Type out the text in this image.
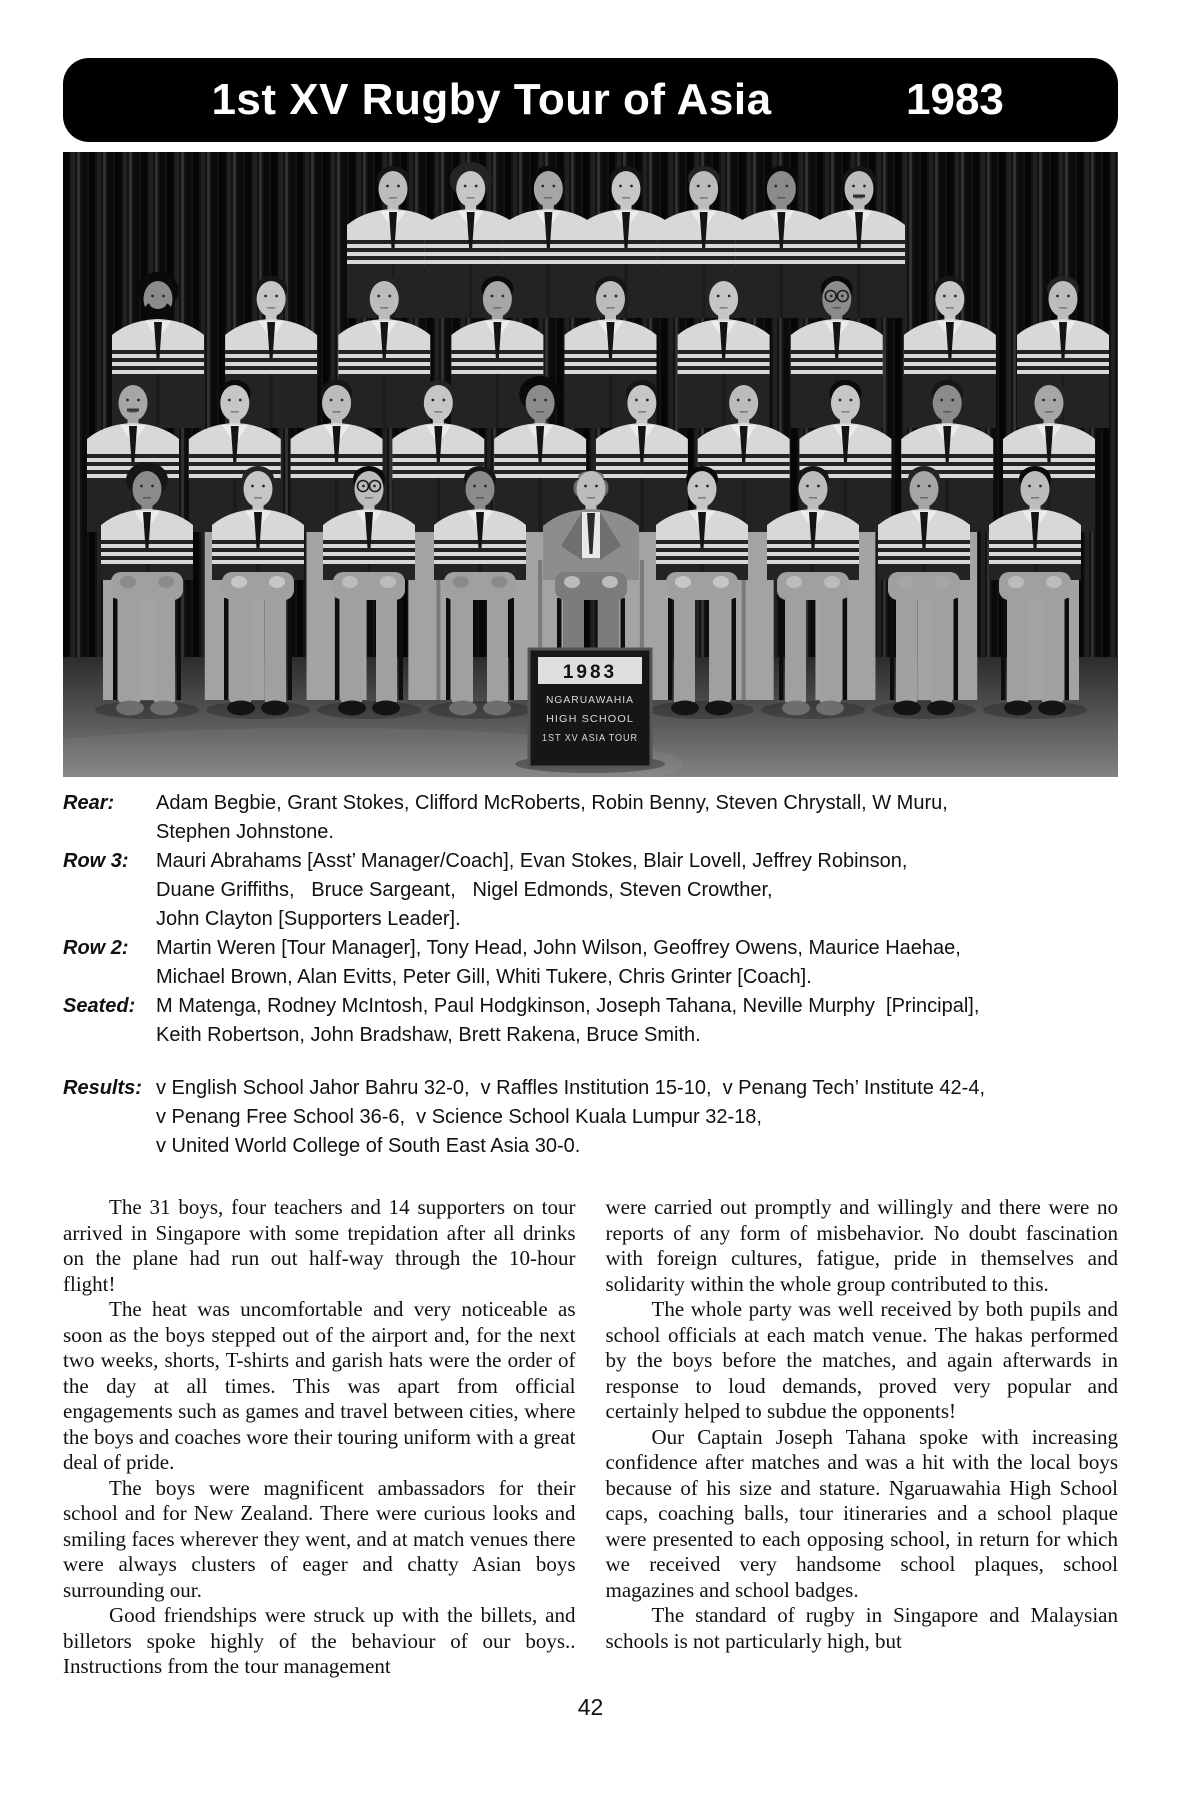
1st XV Rugby Tour of Asia	1983
1983
NGARUAWAHIA
HIGH SCHOOL
1ST XV ASIA TOUR
Rear:	Adam Begbie, Grant Stokes, Clifford McRoberts, Robin Benny, Steven Chrystall, W Muru,
Stephen Johnstone.
Row 3:	Mauri Abrahams [Asst’ Manager/Coach], Evan Stokes, Blair Lovell, Jeffrey Robinson,
Duane Griffiths,   Bruce Sargeant,   Nigel Edmonds, Steven Crowther,
John Clayton [Supporters Leader].
Row 2:	Martin Weren [Tour Manager], Tony Head, John Wilson, Geoffrey Owens, Maurice Haehae,
Michael Brown, Alan Evitts, Peter Gill, Whiti Tukere, Chris Grinter [Coach].
Seated:	M Matenga, Rodney McIntosh, Paul Hodgkinson, Joseph Tahana, Neville Murphy  [Principal],
Keith Robertson, John Bradshaw, Brett Rakena, Bruce Smith.
Results: v English School Jahor Bahru 32-0,  v Raffles Institution 15-10,  v Penang Tech’ Institute 42-4,
v Penang Free School 36-6,  v Science School Kuala Lumpur 32-18,
v United World College of South East Asia 30-0.

The 31 boys, four teachers and 14 supporters on tour arrived in Singapore with some trepidation after all drinks on the plane had run out half-way through the 10-hour flight!

The heat was uncomfortable and very noticeable as soon as the boys stepped out of the airport and, for the next two weeks, shorts, T-shirts and garish hats were the order of the day at all times. This was apart from official engagements such as games and travel between cities, where the boys and coaches wore their touring uniform with a great deal of pride.

The boys were magnificent ambassadors for their school and for New Zealand. There were curious looks and smiling faces wherever they went, and at match venues there were always clusters of eager and chatty Asian boys surrounding our.

Good friendships were struck up with the billets, and billetors spoke highly of the behaviour of our boys.. Instructions from the tour management

were carried out promptly and willingly and there were no reports of any form of misbehavior. No doubt fascination with foreign cultures, fatigue, pride in themselves and solidarity within the whole group contributed to this.

The whole party was well received by both pupils and school officials at each match venue. The hakas performed by the boys before the matches, and again afterwards in response to loud demands, proved very popular and certainly helped to subdue the opponents!

Our Captain Joseph Tahana spoke with increasing confidence after matches and was a hit with the local boys because of his size and stature. Ngaruawahia High School caps, coaching balls, tour itineraries and a school plaque were presented to each opposing school, in return for which we received very handsome school plaques, school magazines and school badges.

The standard of rugby in Singapore and Malaysian schools is not particularly high, but

42
